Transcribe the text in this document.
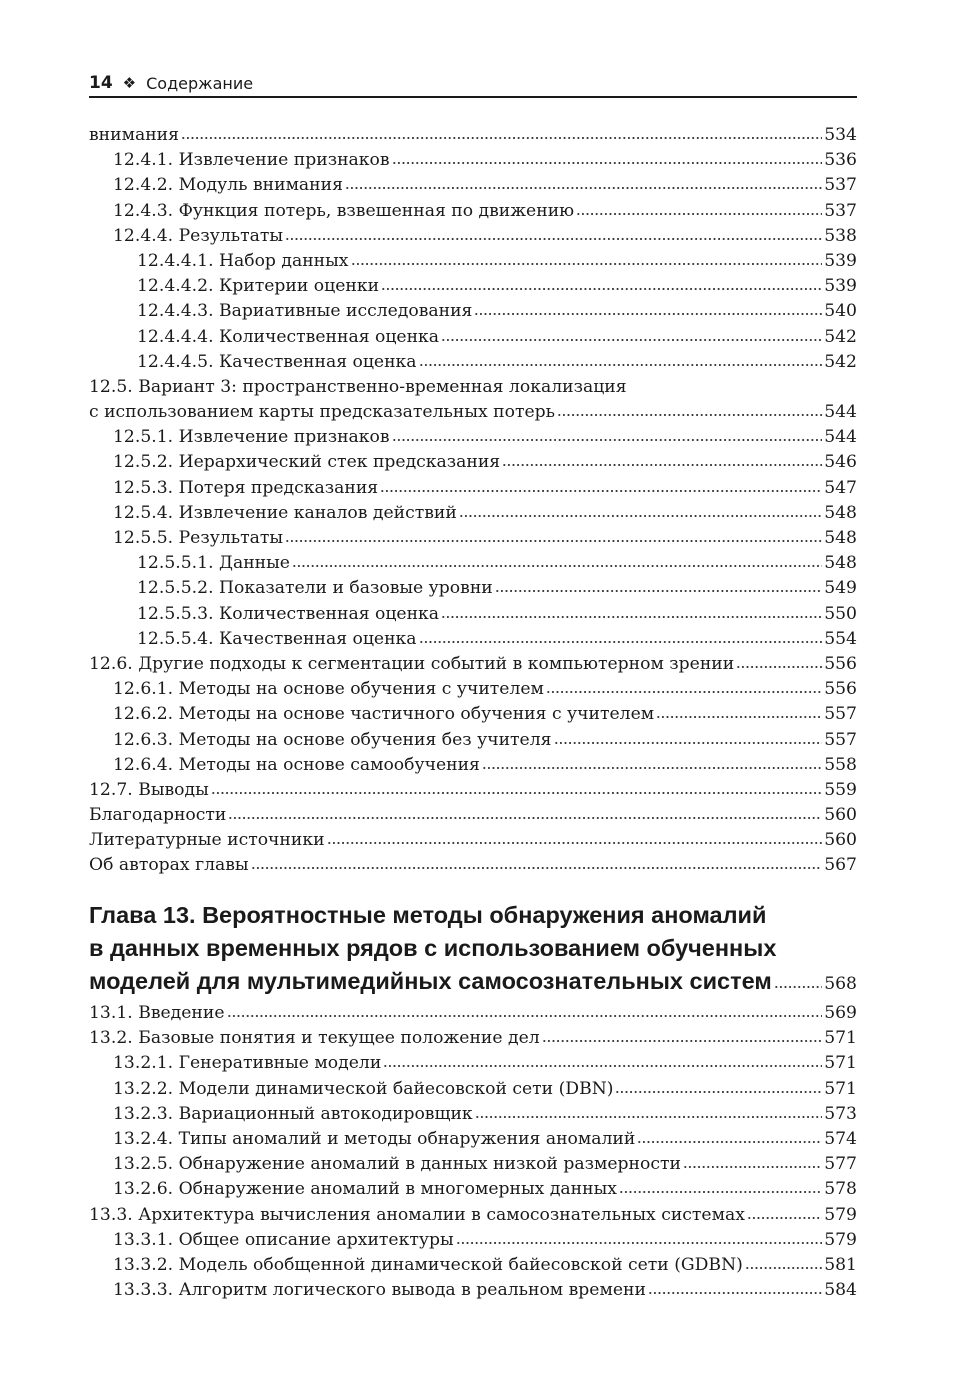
14 ❖ Содержание
внимания	534
12.4.1. Извлечение признаков	536
12.4.2. Модуль внимания	537
12.4.3. Функция потерь, взвешенная по движению	537
12.4.4. Результаты	538
12.4.4.1. Набор данных	539
12.4.4.2. Критерии оценки	539
12.4.4.3. Вариативные исследования	540
12.4.4.4. Количественная оценка	542
12.4.4.5. Качественная оценка	542
12.5. Вариант 3: пространственно-временная локализация
с использованием карты предсказательных потерь	544
12.5.1. Извлечение признаков	544
12.5.2. Иерархический стек предсказания	546
12.5.3. Потеря предсказания	547
12.5.4. Извлечение каналов действий	548
12.5.5. Результаты	548
12.5.5.1. Данные	548
12.5.5.2. Показатели и базовые уровни	549
12.5.5.3. Количественная оценка	550
12.5.5.4. Качественная оценка	554
12.6. Другие подходы к сегментации событий в компьютерном зрении	556
12.6.1. Методы на основе обучения с учителем	556
12.6.2. Методы на основе частичного обучения с учителем	557
12.6.3. Методы на основе обучения без учителя	557
12.6.4. Методы на основе самообучения	558
12.7. Выводы	559
Благодарности	560
Литературные источники	560
Об авторах главы	567
Глава 13. Вероятностные методы обнаружения аномалий
в данных временных рядов с использованием обученных
моделей для мультимедийных самосознательных систем	568
13.1. Введение	569
13.2. Базовые понятия и текущее положение дел	571
13.2.1. Генеративные модели	571
13.2.2. Модели динамической байесовской сети (DBN)	571
13.2.3. Вариационный автокодировщик	573
13.2.4. Типы аномалий и методы обнаружения аномалий	574
13.2.5. Обнаружение аномалий в данных низкой размерности	577
13.2.6. Обнаружение аномалий в многомерных данных	578
13.3. Архитектура вычисления аномалии в самосознательных системах	579
13.3.1. Общее описание архитектуры	579
13.3.2. Модель обобщенной динамической байесовской сети (GDBN)	581
13.3.3. Алгоритм логического вывода в реальном времени	584
